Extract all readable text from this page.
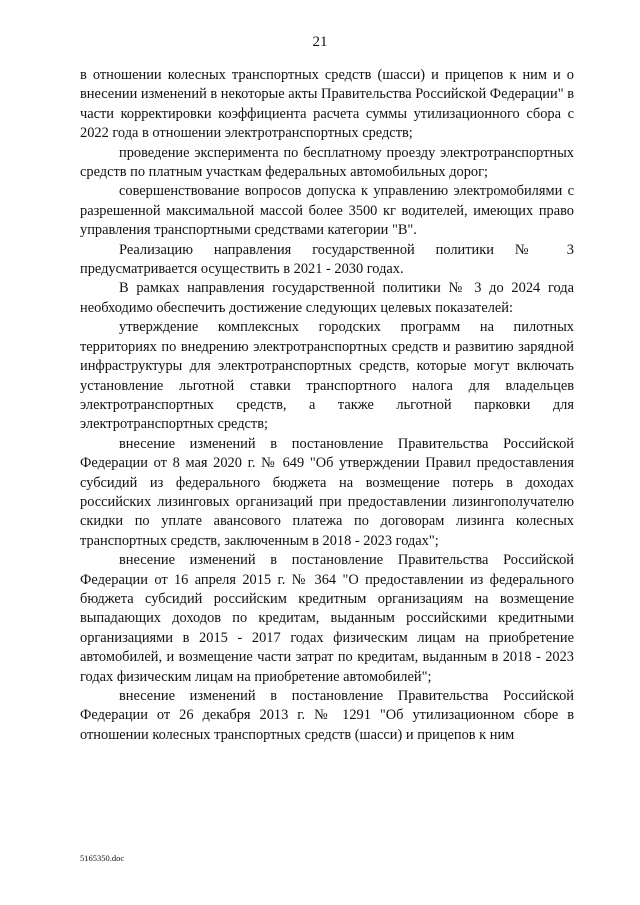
21

в отношении колесных транспортных средств (шасси) и прицепов к ним и о внесении изменений в некоторые акты Правительства Российской Федерации" в части корректировки коэффициента расчета суммы утилизационного сбора с 2022 года в отношении электротранспортных средств;

проведение эксперимента по бесплатному проезду электротранспортных средств по платным участкам федеральных автомобильных дорог;

совершенствование вопросов допуска к управлению электромобилями с разрешенной максимальной массой более 3500 кг водителей, имеющих право управления транспортными средствами категории "B".

Реализацию направления государственной политики № 3 предусматривается осуществить в 2021 - 2030 годах.

В рамках направления государственной политики № 3 до 2024 года необходимо обеспечить достижение следующих целевых показателей:

утверждение комплексных городских программ на пилотных территориях по внедрению электротранспортных средств и развитию зарядной инфраструктуры для электротранспортных средств, которые могут включать установление льготной ставки транспортного налога для владельцев электротранспортных средств, а также льготной парковки для электротранспортных средств;

внесение изменений в постановление Правительства Российской Федерации от 8 мая 2020 г. № 649 "Об утверждении Правил предоставления субсидий из федерального бюджета на возмещение потерь в доходах российских лизинговых организаций при предоставлении лизингополучателю скидки по уплате авансового платежа по договорам лизинга колесных транспортных средств, заключенным в 2018 - 2023 годах";

внесение изменений в постановление Правительства Российской Федерации от 16 апреля 2015 г. № 364 "О предоставлении из федерального бюджета субсидий российским кредитным организациям на возмещение выпадающих доходов по кредитам, выданным российскими кредитными организациями в 2015 - 2017 годах физическим лицам на приобретение автомобилей, и возмещение части затрат по кредитам, выданным в 2018 - 2023 годах физическим лицам на приобретение автомобилей";

внесение изменений в постановление Правительства Российской Федерации от 26 декабря 2013 г. № 1291 "Об утилизационном сборе в отношении колесных транспортных средств (шасси) и прицепов к ним

5165350.doc
